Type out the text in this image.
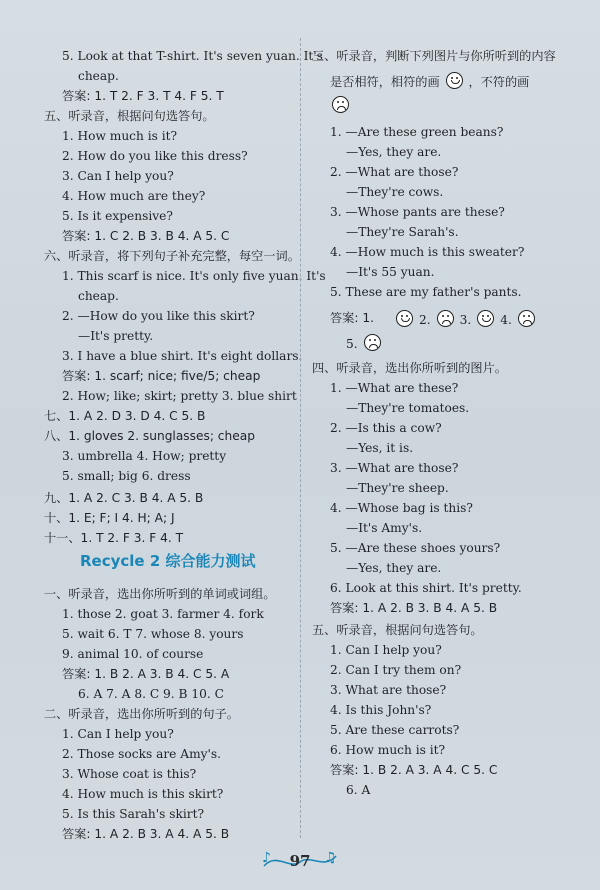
5. Look at that T-shirt. It's seven yuan. It's
cheap.
答案: 1. T 2. F 3. T 4. F 5. T
五、听录音，根据问句选答句。
1. How much is it?
2. How do you like this dress?
3. Can I help you?
4. How much are they?
5. Is it expensive?
答案: 1. C 2. B 3. B 4. A 5. C
六、听录音，将下列句子补充完整，每空一词。
1. This scarf is nice. It's only five yuan. It's
cheap.
2. —How do you like this skirt?
—It's pretty.
3. I have a blue shirt. It's eight dollars.
答案: 1. scarf; nice; five/5; cheap
2. How; like; skirt; pretty 3. blue shirt
七、1. A 2. D 3. D 4. C 5. B
八、1. gloves 2. sunglasses; cheap
3. umbrella 4. How; pretty
5. small; big 6. dress
九、1. A 2. C 3. B 4. A 5. B
十、1. E; F; I 4. H; A; J
十一、1. T 2. F 3. F 4. T
一、听录音，选出你所听到的单词或词组。
1. those 2. goat 3. farmer 4. fork
5. wait 6. T 7. whose 8. yours
9. animal 10. of course
答案: 1. B 2. A 3. B 4. C 5. A
6. A 7. A 8. C 9. B 10. C
二、听录音，选出你所听到的句子。
1. Can I help you?
2. Those socks are Amy's.
3. Whose coat is this?
4. How much is this skirt?
5. Is this Sarah's skirt?
答案: 1. A 2. B 3. A 4. A 5. B
Recycle 2 综合能力测试
三、听录音，判断下列图片与你所听到的内容
是否相符，相符的画 ，不符的画
1. —Are these green beans?
—Yes, they are.
2. —What are those?
—They're cows.
3. —Whose pants are these?
—They're Sarah's.
4. —How much is this sweater?
—It's 55 yuan.
5. These are my father's pants.
答案: 1.
5.
四、听录音，选出你所听到的图片。
1. —What are these?
—They're tomatoes.
2. —Is this a cow?
—Yes, it is.
3. —What are those?
—They're sheep.
4. —Whose bag is this?
—It's Amy's.
5. —Are these shoes yours?
—Yes, they are.
6. Look at this shirt. It's pretty.
答案: 1. A 2. B 3. B 4. A 5. B
五、听录音，根据问句选答句。
1. Can I help you?
2. Can I try them on?
3. What are those?
4. Is this John's?
5. Are these carrots?
6. How much is it?
答案: 1. B 2. A 3. A 4. C 5. C
6. A
2. 3. 4.
♪	♫
97
